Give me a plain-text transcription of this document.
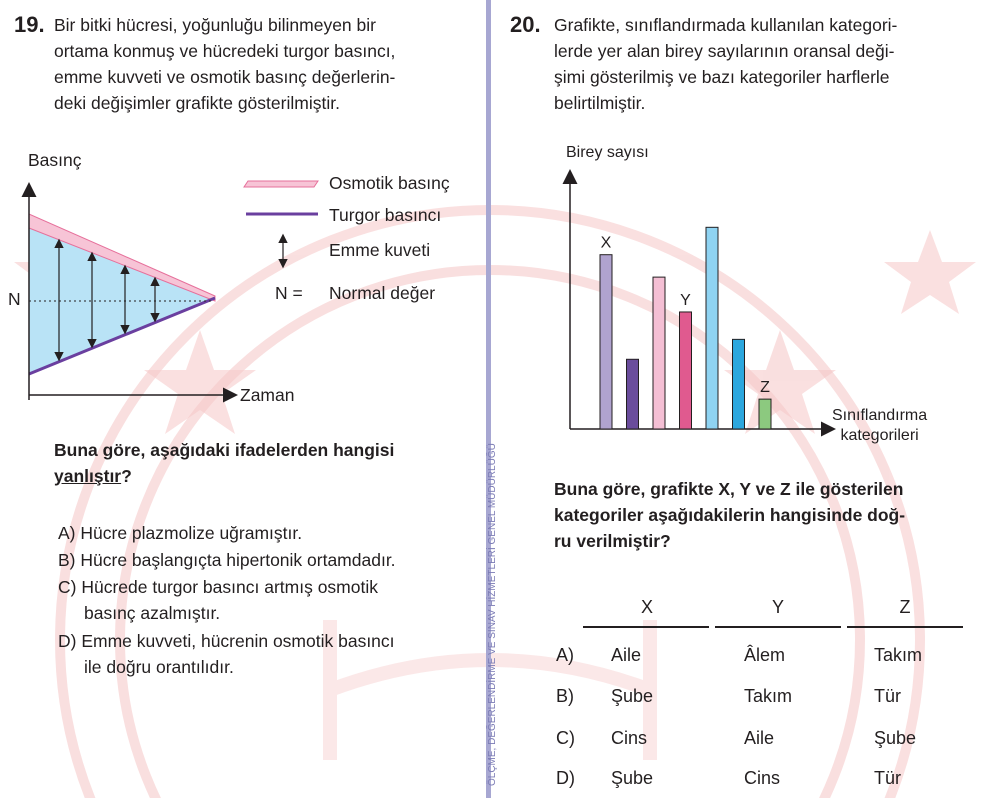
ÖLÇME, DEĞERLENDİRME VE SINAV HİZMETLERİ GENEL MÜDÜRLÜĞÜ
19. Bir bitki hücresi, yoğunluğu bilinmeyen bir
ortama konmuş ve hücredeki turgor basıncı,
emme kuvveti ve osmotik basınç değerlerin-
deki değişimler grafikte gösterilmiştir.
Basınç
N
Zaman
Osmotik basınç
Turgor basıncı
Emme kuveti
N = Normal değer
Buna göre, aşağıdaki ifadelerden hangisi
yanlıştır?
A) Hücre plazmolize uğramıştır.
B) Hücre başlangıçta hipertonik ortamdadır.
C) Hücrede turgor basıncı artmış osmotik
basınç azalmıştır.
D) Emme kuvveti, hücrenin osmotik basıncı
ile doğru orantılıdır.
20. Grafikte, sınıflandırmada kullanılan kategori-
lerde yer alan birey sayılarının oransal deği-
şimi gösterilmiş ve bazı kategoriler harflerle
belirtilmiştir.
Birey sayısı
Sınıflandırma
kategorileri
X
Y
Z
Buna göre, grafikte X, Y ve Z ile gösterilen
kategoriler aşağıdakilerin hangisinde doğ-
ru verilmiştir?
X	Y	Z
A) Aile	Âlem	Takım
B) Şube	Takım	Tür
C) Cins	Aile	Şube
D) Şube	Cins	Tür
